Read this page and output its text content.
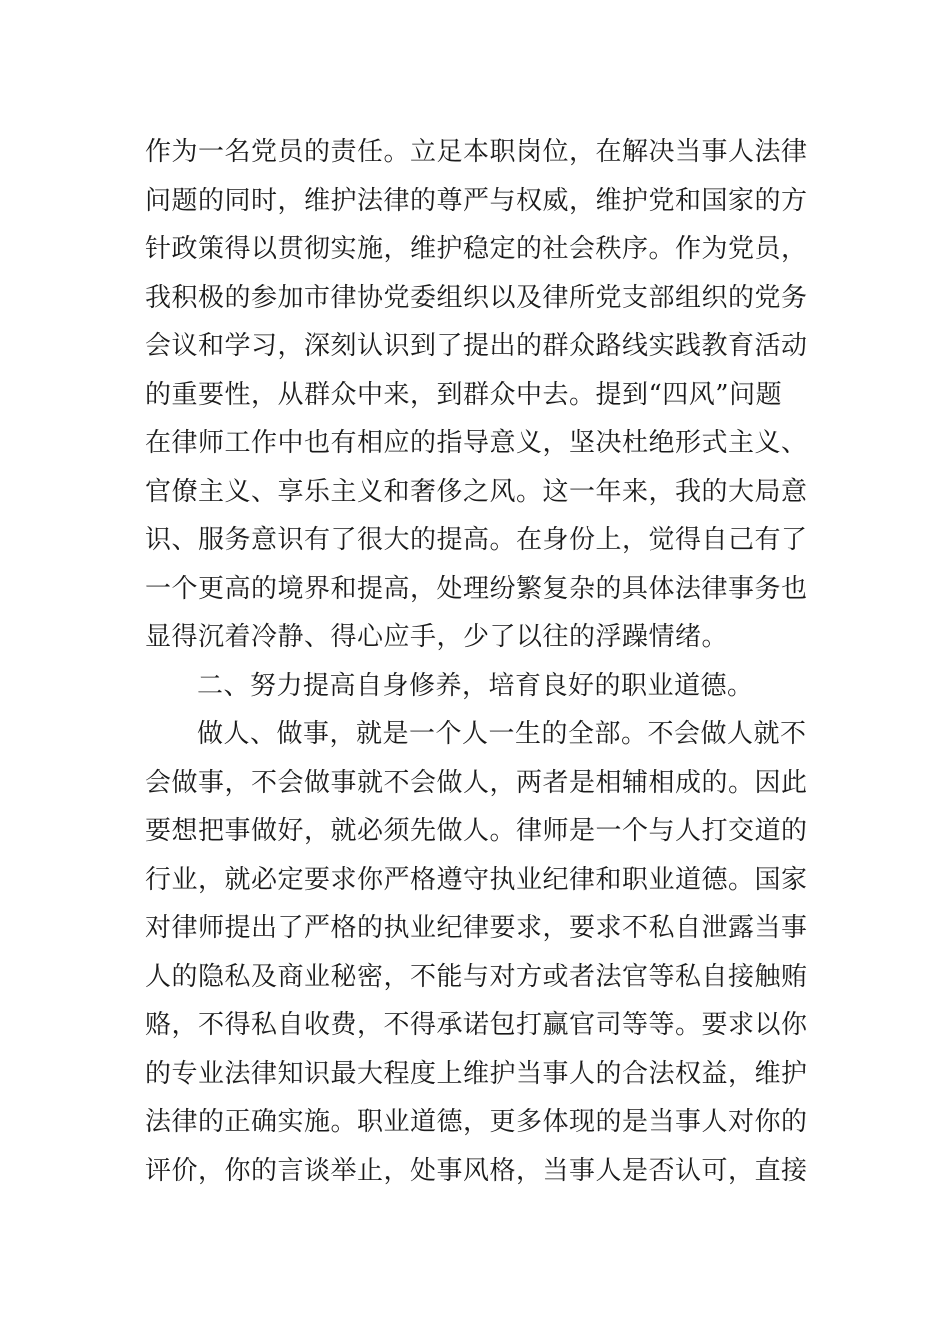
作为一名党员的责任。立足本职岗位，在解决当事人法律
问题的同时，维护法律的尊严与权威，维护党和国家的方
针政策得以贯彻实施，维护稳定的社会秩序。作为党员，
我积极的参加市律协党委组织以及律所党支部组织的党务
会议和学习，深刻认识到了提出的群众路线实践教育活动
的重要性，从群众中来，到群众中去。提到“四风”问题
在律师工作中也有相应的指导意义，坚决杜绝形式主义、
官僚主义、享乐主义和奢侈之风。这一年来，我的大局意
识、服务意识有了很大的提高。在身份上，觉得自己有了
一个更高的境界和提高，处理纷繁复杂的具体法律事务也
显得沉着冷静、得心应手，少了以往的浮躁情绪。
二、努力提高自身修养，培育良好的职业道德。
做人、做事，就是一个人一生的全部。不会做人就不
会做事，不会做事就不会做人，两者是相辅相成的。因此
要想把事做好，就必须先做人。律师是一个与人打交道的
行业，就必定要求你严格遵守执业纪律和职业道德。国家
对律师提出了严格的执业纪律要求，要求不私自泄露当事
人的隐私及商业秘密，不能与对方或者法官等私自接触贿
赂，不得私自收费，不得承诺包打赢官司等等。要求以你
的专业法律知识最大程度上维护当事人的合法权益，维护
法律的正确实施。职业道德，更多体现的是当事人对你的
评价，你的言谈举止，处事风格，当事人是否认可，直接
